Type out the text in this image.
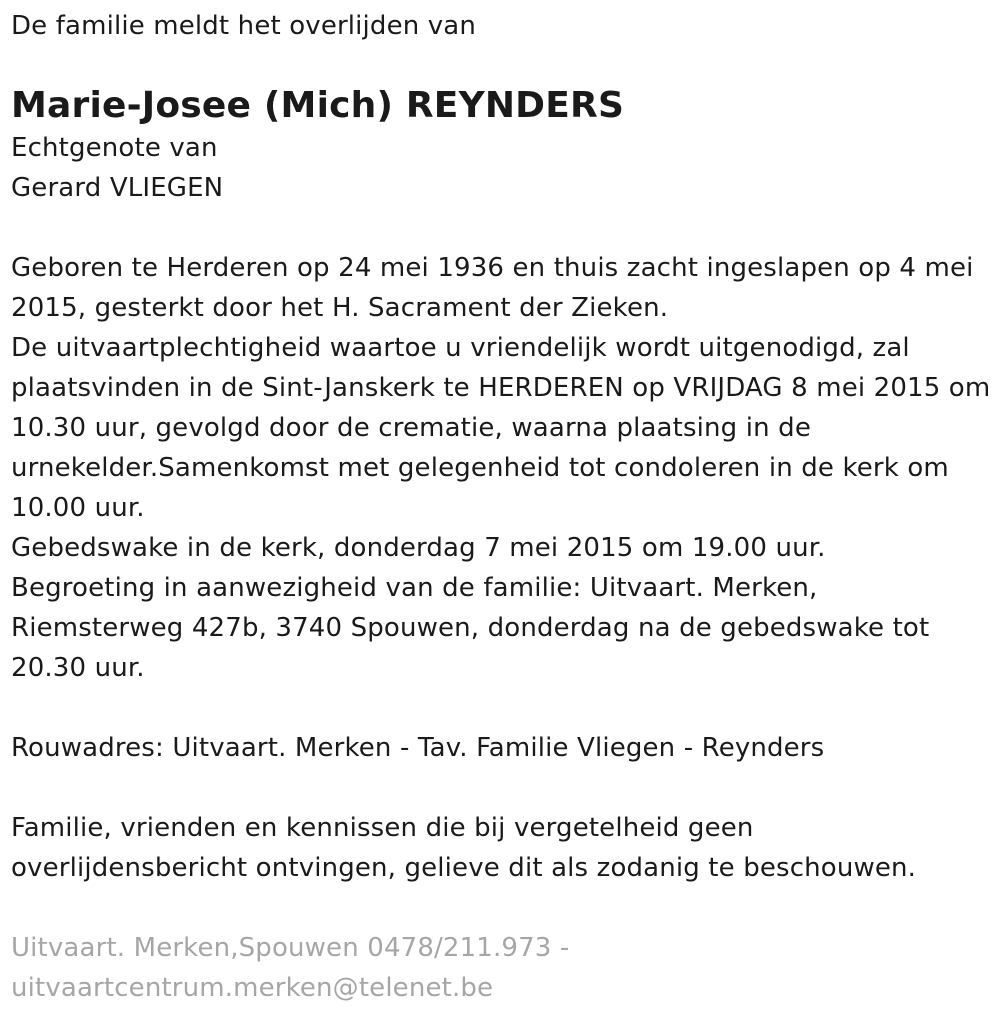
De familie meldt het overlijden van
Marie-Josee (Mich) REYNDERS
Echtgenote van
Gerard VLIEGEN
Geboren te Herderen op 24 mei 1936 en thuis zacht ingeslapen op 4 mei
2015, gesterkt door het H. Sacrament der Zieken.
De uitvaartplechtigheid waartoe u vriendelijk wordt uitgenodigd, zal
plaatsvinden in de Sint-Janskerk te HERDEREN op VRIJDAG 8 mei 2015 om
10.30 uur, gevolgd door de crematie, waarna plaatsing in de
urnekelder.Samenkomst met gelegenheid tot condoleren in de kerk om
10.00 uur.
Gebedswake in de kerk, donderdag 7 mei 2015 om 19.00 uur.
Begroeting in aanwezigheid van de familie: Uitvaart. Merken,
Riemsterweg 427b, 3740 Spouwen, donderdag na de gebedswake tot
20.30 uur.
Rouwadres: Uitvaart. Merken - Tav. Familie Vliegen - Reynders
Familie, vrienden en kennissen die bij vergetelheid geen
overlijdensbericht ontvingen, gelieve dit als zodanig te beschouwen.
Uitvaart. Merken,Spouwen 0478/211.973 -
uitvaartcentrum.merken@telenet.be
